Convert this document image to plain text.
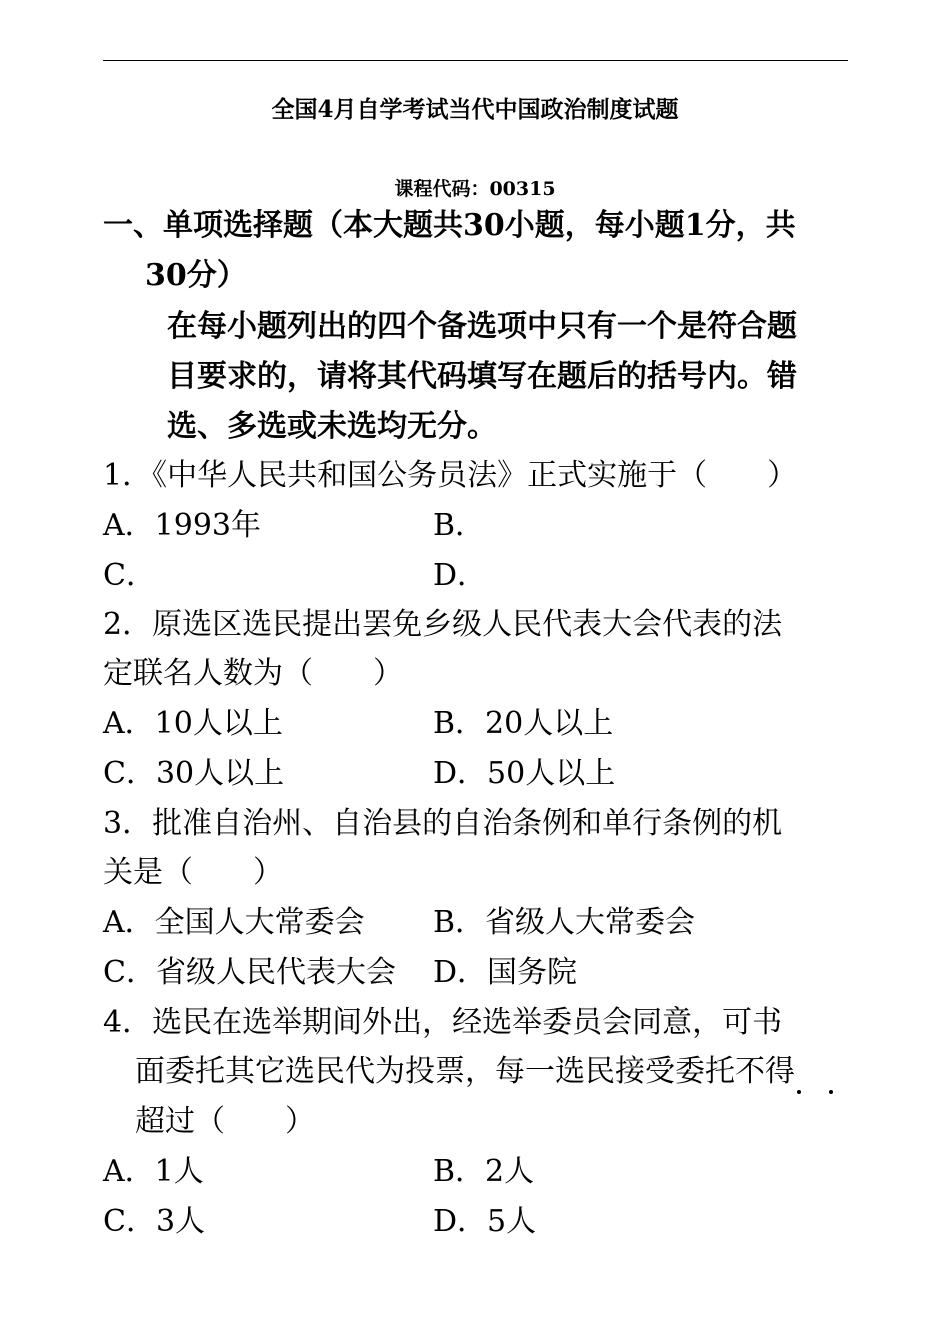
全国4月自学考试当代中国政治制度试题
课程代码：00315
一、单项选择题（本大题共30小题，每小题1分，共
30分）
在每小题列出的四个备选项中只有一个是符合题
目要求的，请将其代码填写在题后的括号内。错
选、多选或未选均无分。
1．《中华人民共和国公务员法》正式实施于（　　）
A．1993年	B．
C．	D．
2．原选区选民提出罢免乡级人民代表大会代表的法
定联名人数为（　　）
A．10人以上	B．20人以上
C．30人以上	D．50人以上
3．批准自治州、自治县的自治条例和单行条例的机
关是（　　）
A．全国人大常委会 B．省级人大常委会
C．省级人民代表大会 D．国务院
4．选民在选举期间外出，经选举委员会同意，可书
面委托其它选民代为投票，每一选民接受委托不得
超过（　　）
A．1人	B．2人
C．3人	D．5人
